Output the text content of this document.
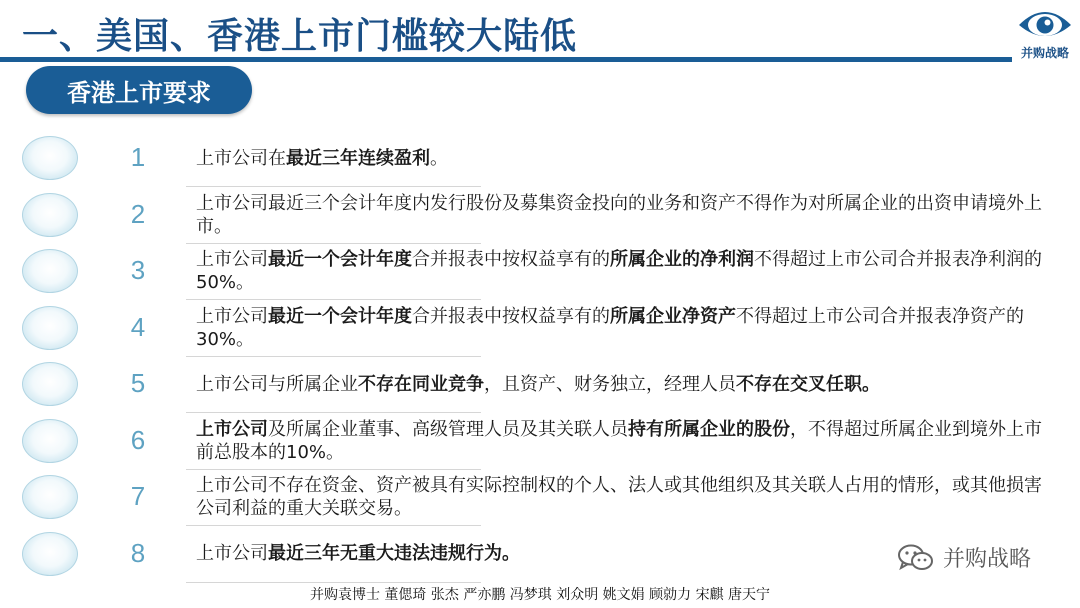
一、美国、香港上市门槛较大陆低	并购战略
香港上市要求
1	上市公司在最近三年连续盈利。
2	上市公司最近三个会计年度内发行股份及募集资金投向的业务和资产不得作为对所属企业的出资申请境外上市。
3	上市公司最近一个会计年度合并报表中按权益享有的所属企业的净利润不得超过上市公司合并报表净利润的50%。
4	上市公司最近一个会计年度合并报表中按权益享有的所属企业净资产不得超过上市公司合并报表净资产的30%。
5	上市公司与所属企业不存在同业竞争，且资产、财务独立，经理人员不存在交叉任职。
6	上市公司及所属企业董事、高级管理人员及其关联人员持有所属企业的股份，不得超过所属企业到境外上市前总股本的10%。
7	上市公司不存在资金、资产被具有实际控制权的个人、法人或其他组织及其关联人占用的情形，或其他损害公司利益的重大关联交易。
8	上市公司最近三年无重大违法违规行为。	并购战略
并购袁博士 董偲琦 张杰 严亦鹏 冯梦琪 刘众明 姚文娟 顾勍力 宋麒 唐天宁
